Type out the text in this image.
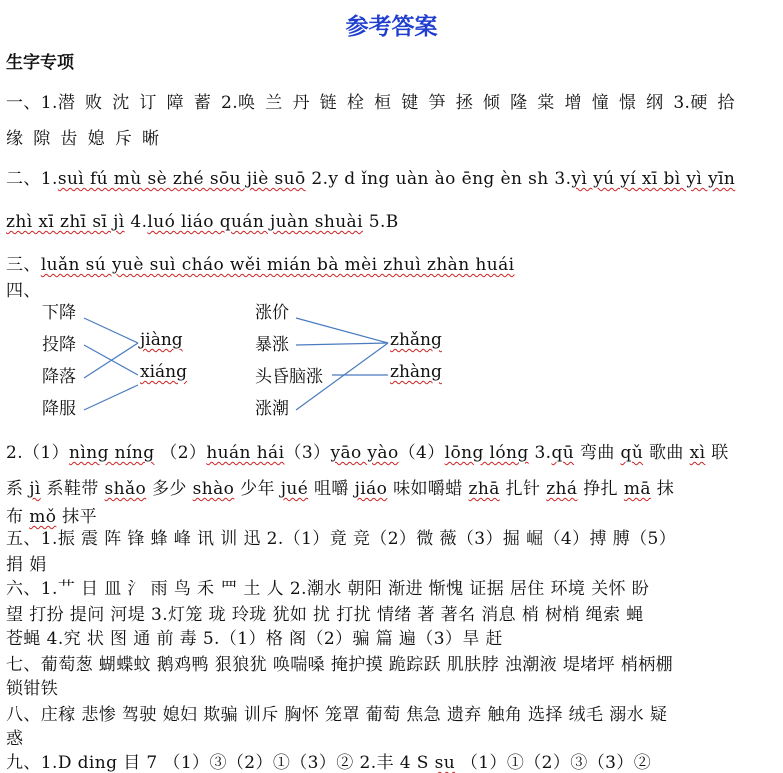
参考答案
生字专项
一、1.潜 败 沈 订 障 蓄 2.唤 兰 丹 链 栓 桓 键 笋 拯 倾 隆 棠 增 憧 憬 纲 3.硬 拾
缘 隙 齿 媳 斥 晰
二、1.suì fú mù sè zhé sōu jiè suō 2.y d ǐng uàn ào ēng èn sh 3.yì yú yí xī bì yì yīn
zhì xī zhī sī jì 4.luó liáo quán juàn shuài 5.B
三、luǎn sú yuè suì cháo wěi mián bà mèi zhuì zhàn huái
四、
下降
投降
降落
降服
jiàng
xiáng
涨价
暴涨
头昏脑涨
涨潮
zhǎng
zhàng
2.（1）nìng níng （2）huán hái（3）yāo yào（4）lōng lóng 3.qū 弯曲 qǔ 歌曲 xì 联
系 jì 系鞋带 shǎo 多少 shào 少年 jué 咀嚼 jiáo 味如嚼蜡 zhā 扎针 zhá 挣扎 mā 抹
布 mǒ 抹平
五、1.振 震 阵 锋 蜂 峰 讯 训 迅 2.（1）竟 竞（2）微 薇（3）掘 崛（4）搏 膊（5）
捐 娟
六、1.艹 日 皿 氵 雨 鸟 禾 罒 土 人 2.潮水 朝阳 渐进 惭愧 证据 居住 环境 关怀 盼
望 打扮 提问 河堤 3.灯笼 珑 玲珑 犹如 扰 打扰 情绪 著 著名 消息 梢 树梢 绳索 蝇
苍蝇 4.究 状 图 通 前 毒 5.（1）格 阁（2）骗 篇 遍（3）旱 赶
七、葡萄葱 蝴蝶蚊 鹅鸡鸭 狠狼犹 唤喘嗓 掩护摸 跪踪跃 肌肤脖 浊潮液 堤堵坪 梢柄棚
锁钳铁
八、庄稼 悲惨 驾驶 媳妇 欺骗 训斥 胸怀 笼罩 葡萄 焦急 遗弃 触角 选择 绒毛 溺水 疑
惑
九、1.D ding 目 7 （1）③（2）①（3）② 2.丰 4 S su （1）①（2）③（3）②
